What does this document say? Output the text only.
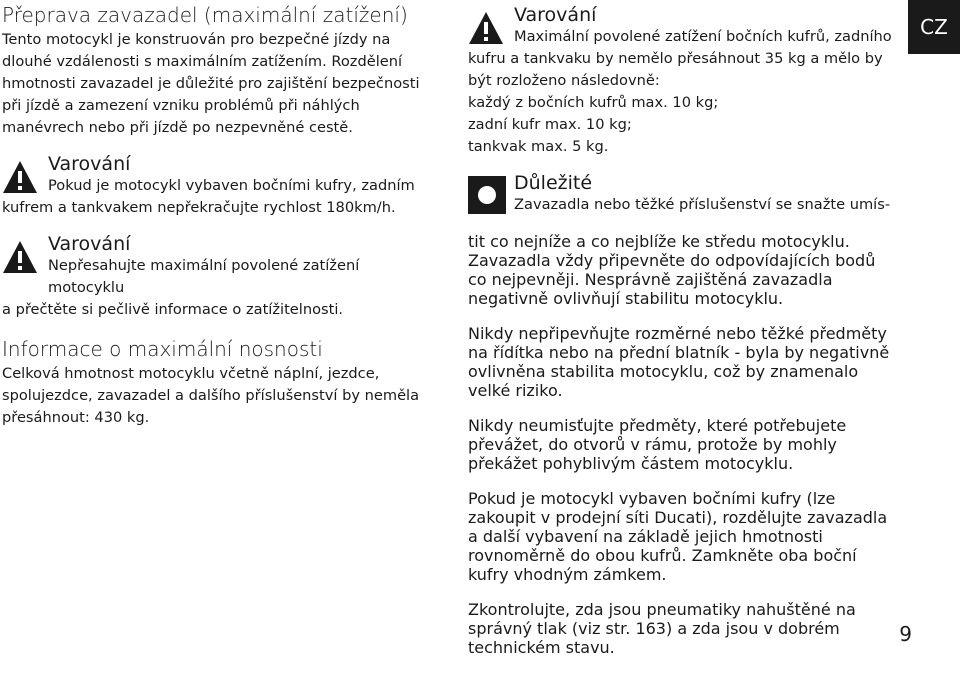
Přeprava zavazadel (maximální zatížení)

Tento motocykl je konstruován pro bezpečné jízdy na dlouhé vzdálenosti s maximálním zatížením. Rozdělení hmotnosti zavazadel je důležité pro zajištění bezpečnosti při jízdě a zamezení vzniku problémů při náhlých manévrech nebo při jízdě po nezpevněné cestě.

Varování
Pokud je motocykl vybaven bočními kufry, zadním

kufrem a tankvakem nepřekračujte rychlost 180km/h.

Varování
Nepřesahujte maximální povolené zatížení motocyklu

a přečtěte si pečlivě informace o zatížitelnosti.

Informace o maximální nosnosti

Celková hmotnost motocyklu včetně náplní, jezdce, spolujezdce, zavazadel a dalšího příslušenství by neměla přesáhnout: 430 kg.

Varování
Maximální povolené zatížení bočních kufrů, zadního

kufru a tankvaku by nemělo přesáhnout 35 kg a mělo by

být rozloženo následovně:

každý z bočních kufrů max. 10 kg;

zadní kufr max. 10 kg;

tankvak max. 5 kg.

Důležité
Zavazadla nebo těžké příslušenství se snažte umís-

tit co nejníže a co nejblíže ke středu motocyklu. Zavazadla vždy připevněte do odpovídajících bodů co nejpevněji. Nesprávně zajištěná zavazadla negativně ovlivňují stabilitu motocyklu.

Nikdy nepřipevňujte rozměrné nebo těžké předměty na řídítka nebo na přední blatník - byla by negativně ovlivněna stabilita motocyklu, což by znamenalo velké riziko.

Nikdy neumisťujte předměty, které potřebujete převážet, do otvorů v rámu, protože by mohly překážet pohyblivým částem motocyklu.

Pokud je motocykl vybaven bočními kufry (lze zakoupit v prodejní síti Ducati), rozdělujte zavazadla a další vybavení na základě jejich hmotnosti rovnoměrně do obou kufrů. Zamkněte oba boční kufry vhodným zámkem.

Zkontrolujte, zda jsou pneumatiky nahuštěné na správný tlak (viz str. 163) a zda jsou v dobrém technickém stavu.

CZ
9
